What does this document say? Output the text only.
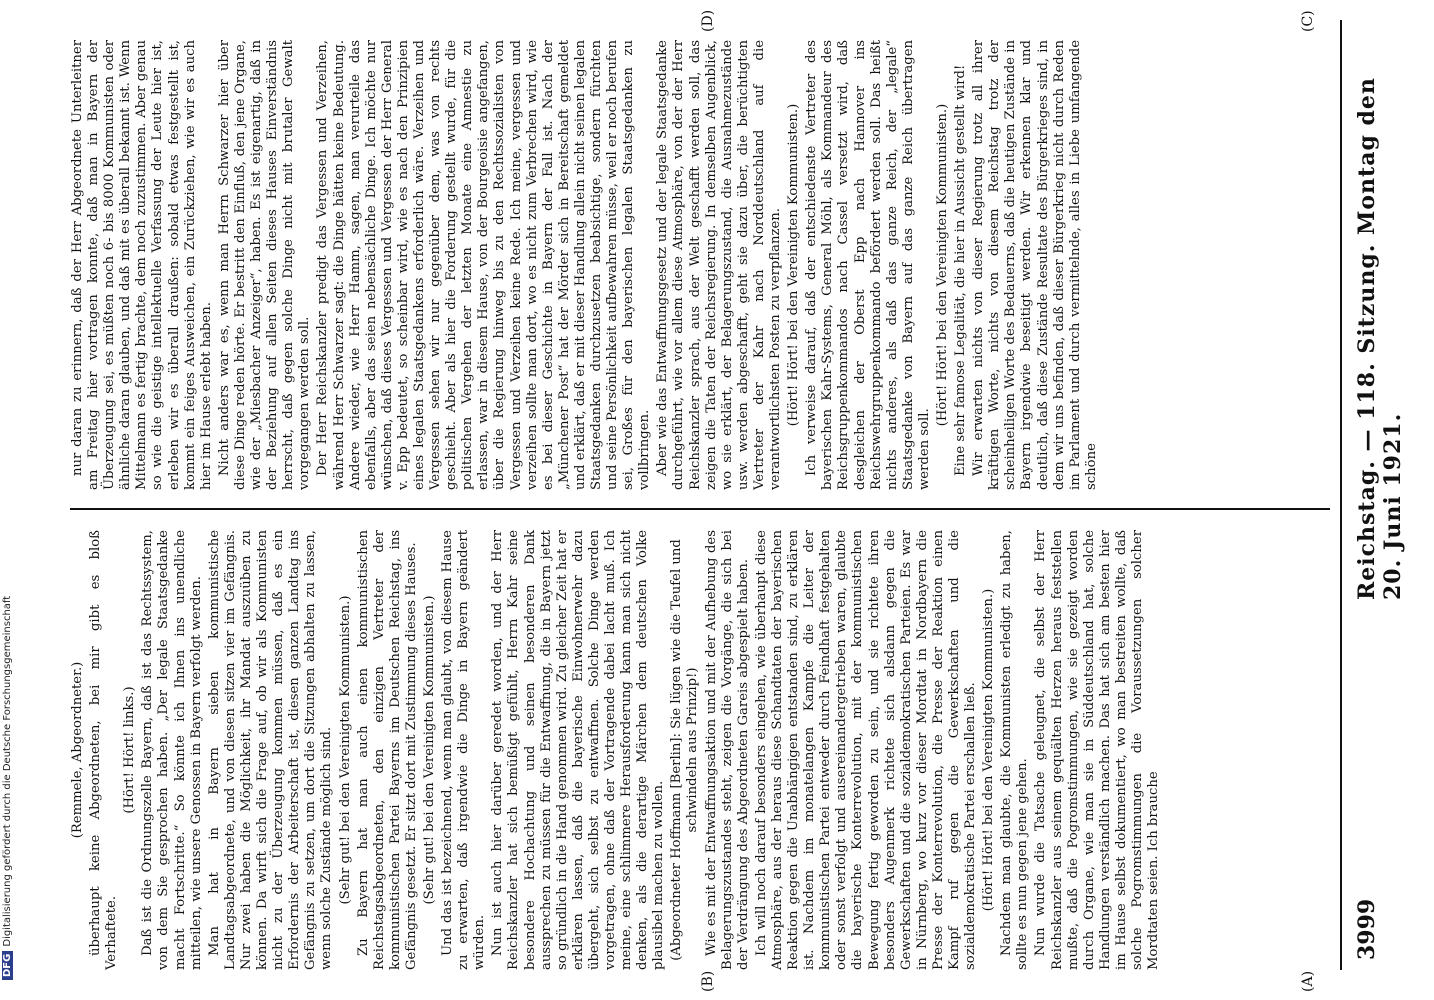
DFGDigitalisierung gefördert durch die Deutsche Forschungsgemeinschaft	3999
Reichstag. — 118. Sitzung. Montag den 20. Juni 1921.

(Remmele, Abgeordneter.) überhaupt keine Abgeordneten, bei mir gibt es bloß Verhaftete.

(Hört! Hört! links.) Daß ist die Ordnungszelle Bayern, daß ist das Rechtssystem, von dem Sie gesprochen haben. „Der legale Staatsgedanke macht Fortschritte.“ So könnte ich Ihnen ins unendliche mitteilen, wie unsere Genossen in Bayern verfolgt werden. Man hat in Bayern sieben kommunistische Landtagsabgeordnete, und von diesen sitzen vier im Gefängnis. Nur zwei haben die Möglichkeit, ihr Mandat auszuüben zu können. Da wirft sich die Frage auf, ob wir als Kommunisten nicht zu der Überzeugung kommen müssen, daß es ein Erfordernis der Arbeiterschaft ist, diesen ganzen Landtag ins Gefängnis zu setzen, um dort die Sitzungen abhalten zu lassen, wenn solche Zustände möglich sind. (Sehr gut! bei den Vereinigten Kommunisten.) Zu Bayern hat man auch einen kommunistischen Reichstagsabgeordneten, den einzigen Vertreter der kommunistischen Partei Bayerns im Deutschen Reichstag, ins Gefängnis gesetzt. Er sitzt dort mit Zustimmung dieses Hauses. (Sehr gut! bei den Vereinigten Kommunisten.) Und das ist bezeichnend, wenn man glaubt, von diesem Hause zu erwarten, daß irgendwie die Dinge in Bayern geändert würden. Nun ist auch hier darüber geredet worden, und der Herr Reichskanzler hat sich bemüßigt gefühlt, Herrn Kahr seine besondere Hochachtung und seinen besonderen Dank aussprechen zu müssen für die Entwaffnung, die in Bayern jetzt so gründlich in die Hand genommen wird. Zu gleicher Zeit hat er erklären lassen, daß die bayerische Einwohnerwehr dazu übergeht, sich selbst zu entwaffnen. Solche Dinge werden vorgetragen, ohne daß der Vortragende dabei lacht muß. Ich meine, eine schlimmere Herausforderung kann man sich nicht denken, als die derartige Märchen dem deutschen Volke plausibel machen zu wollen. (Abgeordneter Hoffmann [Berlin]: Sie lügen wie die Teufel und schwindeln aus Prinzip!) Wie es mit der Entwaffnungsaktion und mit der Aufhebung des Belagerungszustandes steht, zeigen die Vorgänge, die sich bei der Verdrängung des Abgeordneten Gareis abgespielt haben. Ich will noch darauf besonders eingehen, wie überhaupt diese Atmosphäre, aus der heraus diese Schandtaten der bayerischen Reaktion gegen die Unabhängigen entstanden sind, zu erklären ist. Nachdem im monatelangen Kampfe die Leiter der kommunistischen Partei entweder durch Feindhaft festgehalten oder sonst verfolgt und ausereinandergetrieben waren, glaubte die bayerische Konterrevolution, mit der kommunistischen Bewegung fertig geworden zu sein, und sie richtete ihren besonders Augenmerk richtete sich alsdann gegen die Gewerkschaften und die sozialdemokratischen Parteien. Es war in Nürnberg, wo kurz vor dieser Mordtat in Nordbayern die Presse der Konterrevolution, die Presse der Reaktion einen Kampf ruf gegen die Gewerkschaften und die sozialdemokratische Partei erschallen ließ. (Hört! Hört! bei den Vereinigten Kommunisten.) Nachdem man glaubte, die Kommunisten erledigt zu haben, sollte es nun gegen jene gehen. Nun wurde die Tatsache geleugnet, die selbst der Herr Reichskanzler aus seinem gequälten Herzen heraus feststellen mußte, daß die Pogromstimmungen, wie sie gezeigt worden durch Organe, wie man sie in Süddeutschland hat, solche Handlungen verständlich machen. Das hat sich am besten hier im Hause selbst dokumentiert, wo man bestreiten wollte, daß solche Pogromstimmungen die Voraussetzungen solcher Mordtaten seien. Ich brauche

nur daran zu erinnern, daß der Herr Abgeordnete Unterleitner am Freitag hier vortragen konnte, daß man in Bayern der Überzeugung sei, es müßten noch 6- bis 8000 Kommunisten oder ähnliche daran glauben, und daß mit es überall bekannt ist. Wenn Mittelmann es fertig brachte, dem noch zuzustimmen. Aber genau so wie die geistige intellektuelle Verfassung der Leute hier ist, erleben wir es überall draußen: sobald etwas festgestellt ist, kommt ein feiges Ausweichen, ein Zurückziehen, wie wir es auch hier im Hause erlebt haben. Nicht anders war es, wenn man Herrn Schwarzer hier über diese Dinge reden hörte. Er bestritt den Einfluß, den jene Organe, wie der „Miesbacher Anzeiger“, haben. Es ist eigenartig, daß in der Beziehung auf allen Seiten dieses Hauses Einverständnis herrscht, daß gegen solche Dinge nicht mit brutaler Gewalt vorgegangen werden soll. Der Herr Reichskanzler predigt das Vergessen und Verzeihen, während Herr Schwarzer sagt: die Dinge hätten keine Bedeutung. Andere wieder, wie Herr Hamm, sagen, man verurteile das ebenfalls, aber das seien nebensächliche Dinge. Ich möchte nur wünschen, daß dieses Vergessen und Vergessen der Herr General v. Epp bedeutet, so scheinbar wird, wie es nach den Prinzipien eines legalen Staatsgedankens erforderlich wäre. Verzeihen und Vergessen sehen wir nur gegenüber dem, was von rechts geschieht. Aber als hier die Forderung gestellt wurde, für die politischen Vergehen der letzten Monate eine Amnestie zu erlassen, war in diesem Hause, von der Bourgeoisie angefangen, über die Regierung hinweg bis zu den Rechtssozialisten von Vergessen und Verzeihen keine Rede. Ich meine, vergessen und verzeihen sollte man dort, wo es nicht zum Verbrechen wird, wie es bei dieser Geschichte in Bayern der Fall ist. Nach der „Münchener Post“ hat der Mörder sich in Bereitschaft gemeldet und erklärt, daß er mit dieser Handlung allein nicht seinen legalen Staatsgedanken durchzusetzen beabsichtige, sondern fürchten und seine Persönlichkeit aufbewahren müsse, weil er noch berufen sei, Großes für den bayerischen legalen Staatsgedanken zu vollbringen. Aber wie das Entwaffnungsgesetz und der legale Staatsgedanke durchgeführt, wie vor allem diese Atmosphäre, von der der Herr Reichskanzler sprach, aus der Welt geschafft werden soll, das zeigen die Taten der Reichsregierung. In demselben Augenblick, wo sie erklärt, der Belagerungszustand, die Ausnahmezustände usw. werden abgeschafft, geht sie dazu über, die berüchtigten Vertreter der Kahr nach Norddeutschland auf die verantwortlichsten Posten zu verpflanzen. (Hört! Hört! bei den Vereinigten Kommunisten.) Ich verweise darauf, daß der entschiedenste Vertreter des bayerischen Kahr-Systems, General Möhl, als Kommandeur des Reichsgruppenkommandos nach Cassel versetzt wird, daß desgleichen der Oberst Epp nach Hannover ins Reichswehrgruppenkommando befördert werden soll. Das heißt nichts anderes, als daß das ganze Reich, der „legale“ Staatsgedanke von Bayern auf das ganze Reich übertragen werden soll.

(Hört! Hört! bei den Vereinigten Kommunisten.) Eine sehr famose Legalität, die hier in Aussicht gestellt wird! Wir erwarten nichts von dieser Regierung trotz all ihrer kräftigen Worte, nichts von diesem Reichstag trotz der scheinheiligen Worte des Bedauerns, daß die heutigen Zustände in Bayern irgendwie beseitigt werden. Wir erkennen klar und deutlich, daß diese Zustände Resultate des Bürgerkrieges sind, in dem wir uns befinden, daß dieser Bürgerkrieg nicht durch Reden im Parlament und durch vermittelnde, alles in Liebe umfangende schöne

(A)
(B)
(C)
(D)
